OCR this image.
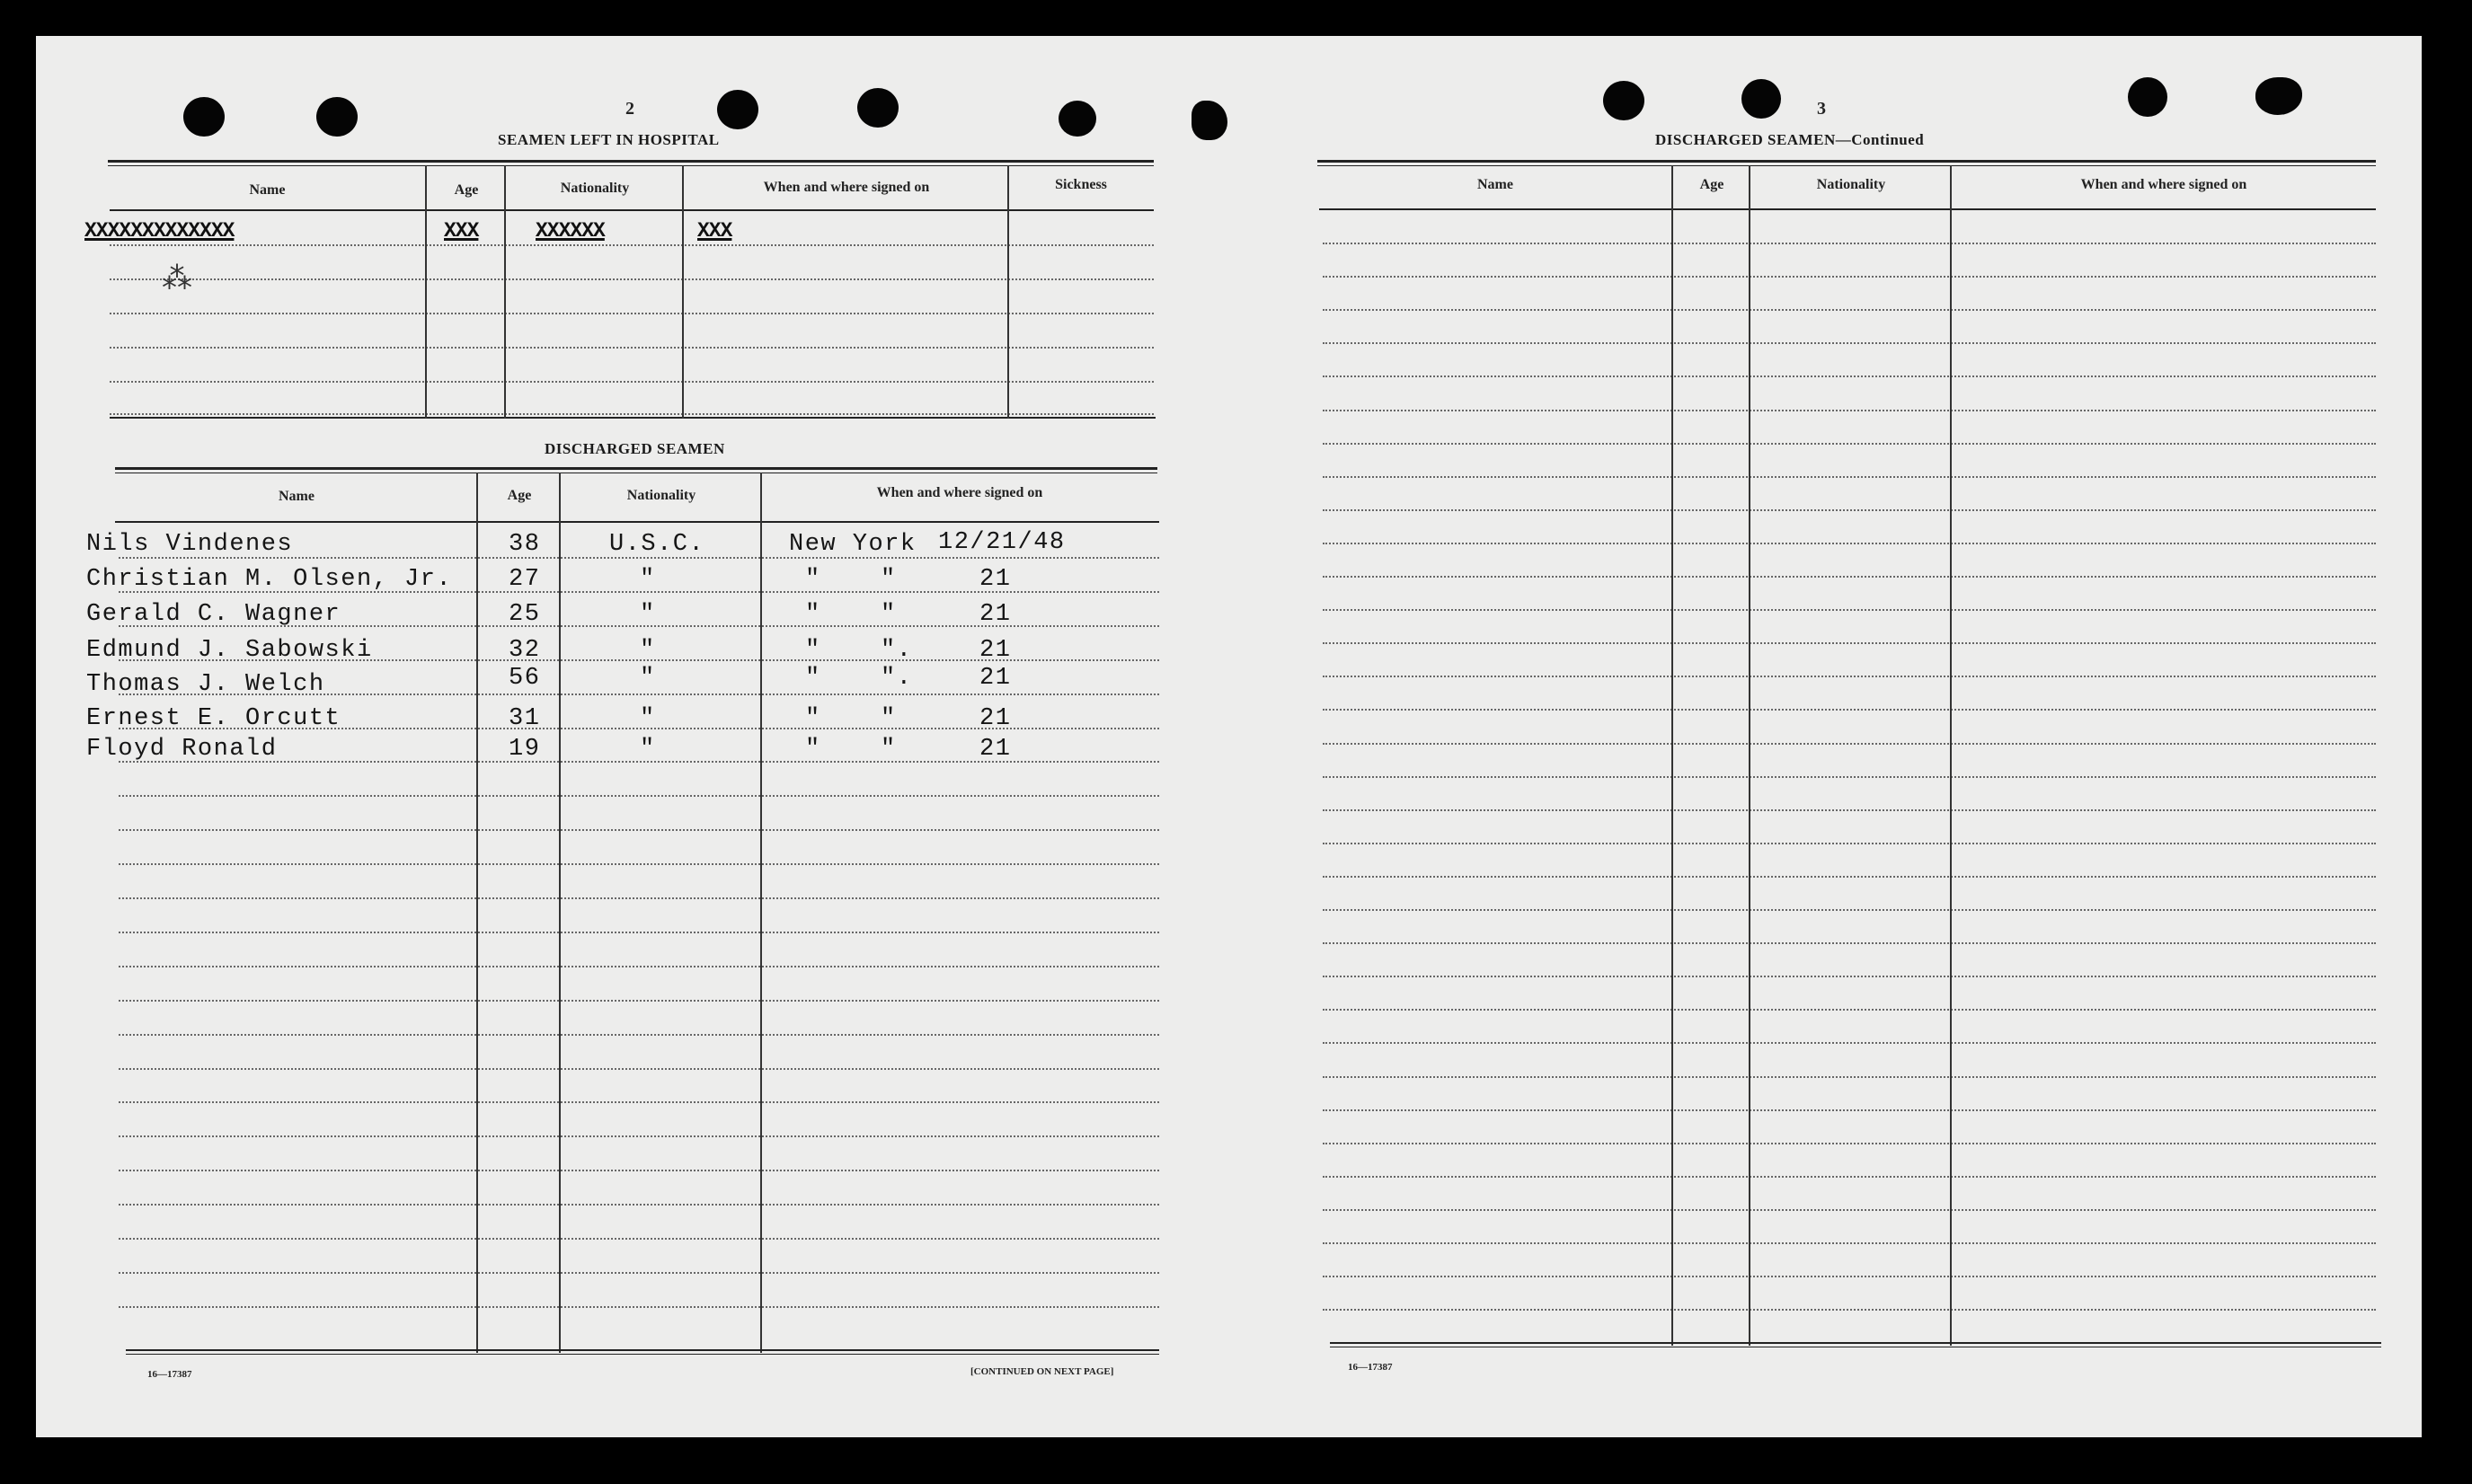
2
SEAMEN LEFT IN HOSPITAL
Name	Age	Nationality	When and where signed on	Sickness
XXXXXXXXXXXXX	XXX	XXXXXX	XXX
⁂
DISCHARGED SEAMEN
Name	Age	Nationality	When and where signed on
Nils Vindenes	38	U.S.C.	New York 12/21/48
Christian M. Olsen, Jr. 27	"	" "	21
Gerald C. Wagner	25	"	" "	21
Edmund J. Sabowski	32	"	" ".	21
Thomas J. Welch	56	"	" ".	21
Ernest E. Orcutt	31	"	" "	21
Floyd Ronald	19	"	" "	21
16—17387	[CONTINUED ON NEXT PAGE]
3
DISCHARGED SEAMEN—Continued
Name	Age	Nationality	When and where signed on
16—17387
